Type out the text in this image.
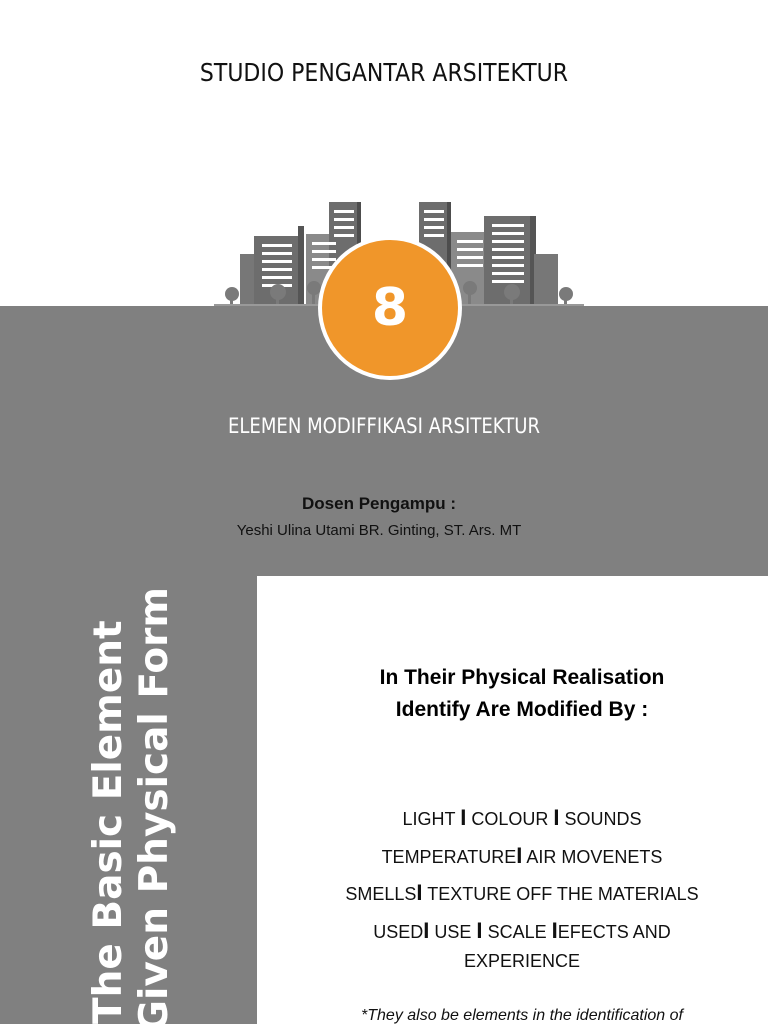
STUDIO PENGANTAR ARSITEKTUR
The Basic Element Given Physical Form
8
ELEMEN MODIFFIKASI ARSITEKTUR
Dosen Pengampu :
Yeshi Ulina Utami BR. Ginting, ST. Ars. MT
In Their Physical Realisation
Identify Are Modified By :
LIGHT I COLOUR I SOUNDS
TEMPERATUREI AIR MOVENETS
SMELLSI TEXTURE OFF THE MATERIALS
USEDI USE I SCALE IEFECTS AND
EXPERIENCE
*They also be elements in the identification of
